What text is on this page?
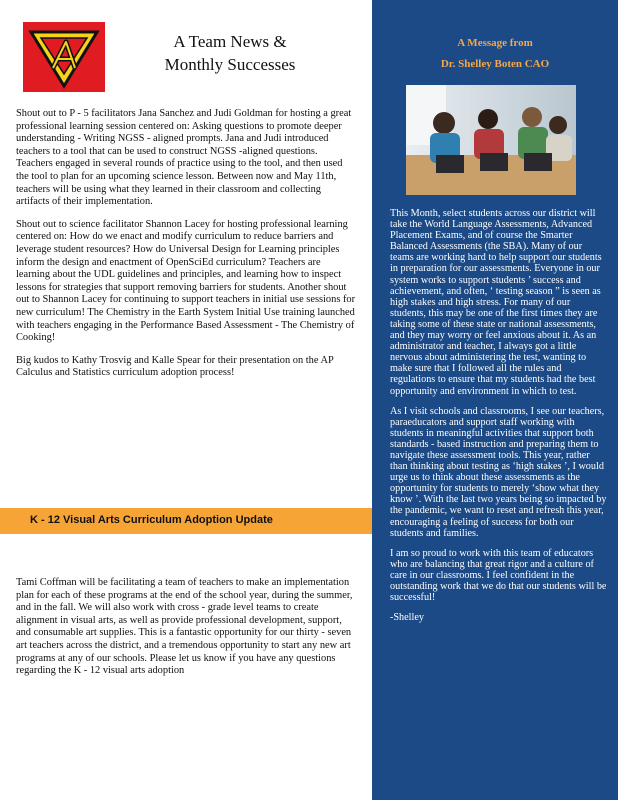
A Team News &
Monthly Successes

Shout out to P - 5 facilitators Jana Sanchez and Judi Goldman for hosting a great professional learning session centered on: Asking questions to promote deeper understanding - Writing NGSS - aligned prompts. Jana and Judi introduced teachers to a tool that can be used to construct NGSS -aligned questions. Teachers engaged in several rounds of practice using to the tool, and then used the tool to plan for an upcoming science lesson. Between now and May 11th, teachers will be using what they learned in their classroom and collecting artifacts of their implementation.

Shout out to science facilitator Shannon Lacey for hosting professional learning centered on: How do we enact and modify curriculum to reduce barriers and leverage student resources? How do Universal Design for Learning principles inform the design and enactment of OpenSciEd curriculum? Teachers are learning about the UDL guidelines and principles, and learning how to inspect lessons for strategies that support removing barriers for students. Another shout out to Shannon Lacey for continuing to support teachers in initial use sessions for new curriculum! The Chemistry in the Earth System Initial Use training launched with teachers engaging in the Performance Based Assessment - The Chemistry of Cooking!

Big kudos to Kathy Trosvig and Kalle Spear for their presentation on the AP Calculus and Statistics curriculum adoption process!

K - 12 Visual Arts Curriculum Adoption Update

Tami Coffman will be facilitating a team of teachers to make an implementation plan for each of these programs at the end of the school year, during the summer, and in the fall. We will also work with cross - grade level teams to create alignment in visual arts, as well as provide professional development, support, and consumable art supplies. This is a fantastic opportunity for our thirty - seven art teachers across the district, and a tremendous opportunity to start any new art programs at any of our schools. Please let us know if you have any questions regarding the K - 12 visual arts adoption

A Message from
Dr. Shelley Boten CAO

This Month, select students across our district will take the World Language Assessments, Advanced Placement Exams, and of course the Smarter Balanced Assessments (the SBA). Many of our teams are working hard to help support our students in preparation for our assessments. Everyone in our system works to support students ’ success and achievement, and often, ‘ testing season ” is seen as high stakes and high stress. For many of our students, this may be one of the first times they are taking some of these state or national assessments, and they may worry or feel anxious about it. As an administrator and teacher, I always got a little nervous about administering the test, wanting to make sure that I followed all the rules and regulations to ensure that my students had the best opportunity and environment in which to test.

As I visit schools and classrooms, I see our teachers, paraeducators and support staff working with students in meaningful activities that support both standards - based instruction and preparing them to navigate these assessment tools. This year, rather than thinking about testing as ‘high stakes ’, I would urge us to think about these assessments as the opportunity for students to merely ‘show what they know ’. With the last two years being so impacted by the pandemic, we want to reset and refresh this year, encouraging a feeling of success for both our students and families.

I am so proud to work with this team of educators who are balancing that great rigor and a culture of care in our classrooms. I feel confident in the outstanding work that we do that our students will be successful!

-Shelley
